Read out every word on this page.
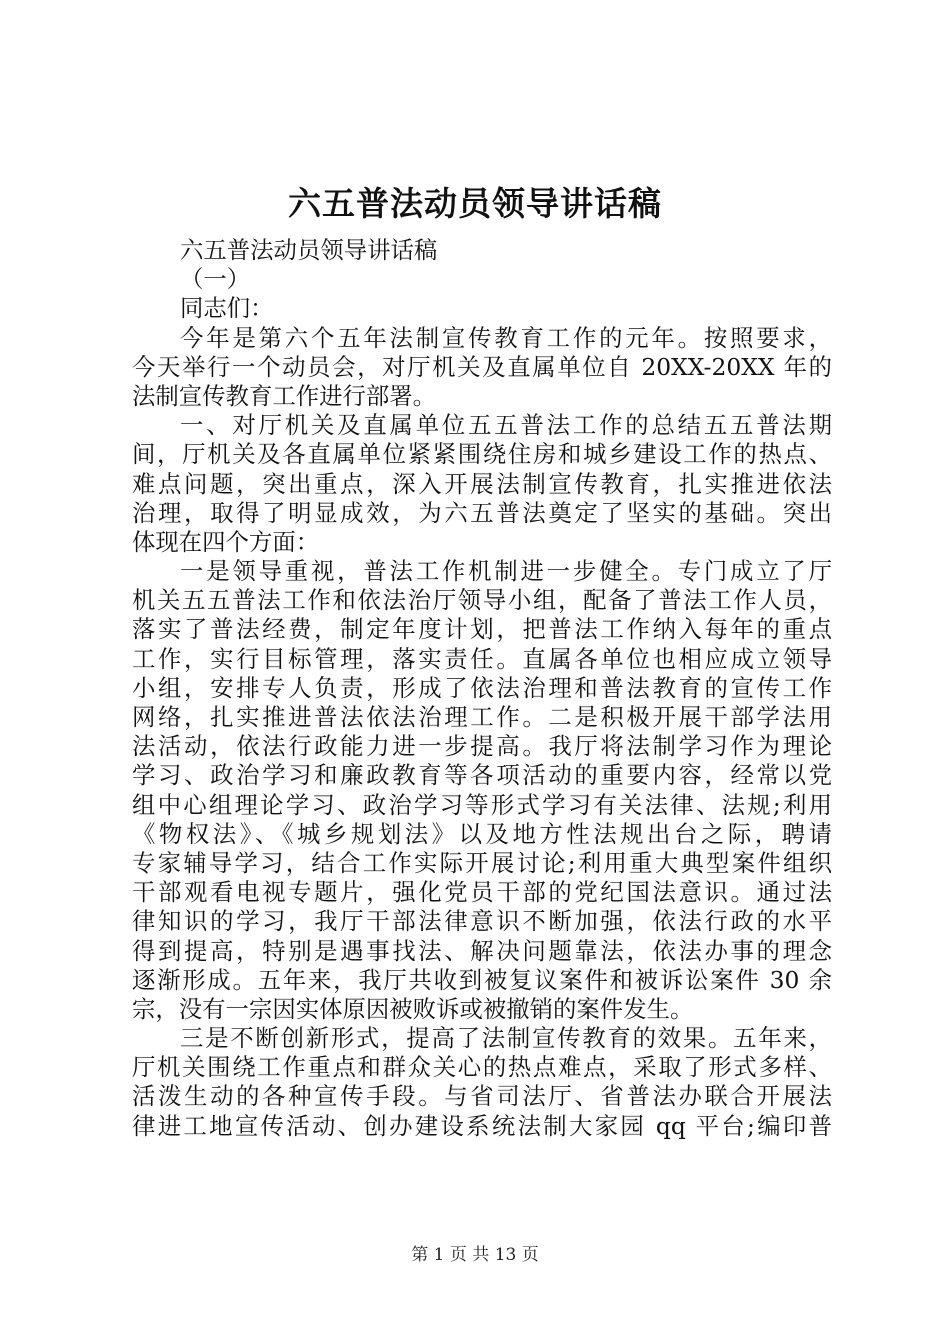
六五普法动员领导讲话稿
六五普法动员领导讲话稿
（一）
同志们：
今年是第六个五年法制宣传教育工作的元年。按照要求，
今天举行一个动员会，对厅机关及直属单位自 20XX-20XX 年的
法制宣传教育工作进行部署。
一、对厅机关及直属单位五五普法工作的总结五五普法期
间，厅机关及各直属单位紧紧围绕住房和城乡建设工作的热点、
难点问题，突出重点，深入开展法制宣传教育，扎实推进依法
治理，取得了明显成效，为六五普法奠定了坚实的基础。突出
体现在四个方面：
一是领导重视，普法工作机制进一步健全。专门成立了厅
机关五五普法工作和依法治厅领导小组，配备了普法工作人员，
落实了普法经费，制定年度计划，把普法工作纳入每年的重点
工作，实行目标管理，落实责任。直属各单位也相应成立领导
小组，安排专人负责，形成了依法治理和普法教育的宣传工作
网络，扎实推进普法依法治理工作。二是积极开展干部学法用
法活动，依法行政能力进一步提高。我厅将法制学习作为理论
学习、政治学习和廉政教育等各项活动的重要内容，经常以党
组中心组理论学习、政治学习等形式学习有关法律、法规;利用
《物权法》、《城乡规划法》以及地方性法规出台之际，聘请
专家辅导学习，结合工作实际开展讨论;利用重大典型案件组织
干部观看电视专题片，强化党员干部的党纪国法意识。通过法
律知识的学习，我厅干部法律意识不断加强，依法行政的水平
得到提高，特别是遇事找法、解决问题靠法，依法办事的理念
逐渐形成。五年来，我厅共收到被复议案件和被诉讼案件 30 余
宗，没有一宗因实体原因被败诉或被撤销的案件发生。
三是不断创新形式，提高了法制宣传教育的效果。五年来，
厅机关围绕工作重点和群众关心的热点难点，采取了形式多样、
活泼生动的各种宣传手段。与省司法厅、省普法办联合开展法
律进工地宣传活动、创办建设系统法制大家园 qq 平台;编印普
第 1 页 共 13 页
